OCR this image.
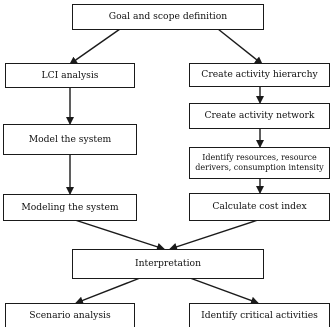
Goal and scope definition
LCI analysis
Model the system
Modeling the system
Create activity hierarchy
Create activity network
Identify resources, resource
derivers, consumption intensity
Calculate cost index
Interpretation
Scenario analysis	Identify critical activities
